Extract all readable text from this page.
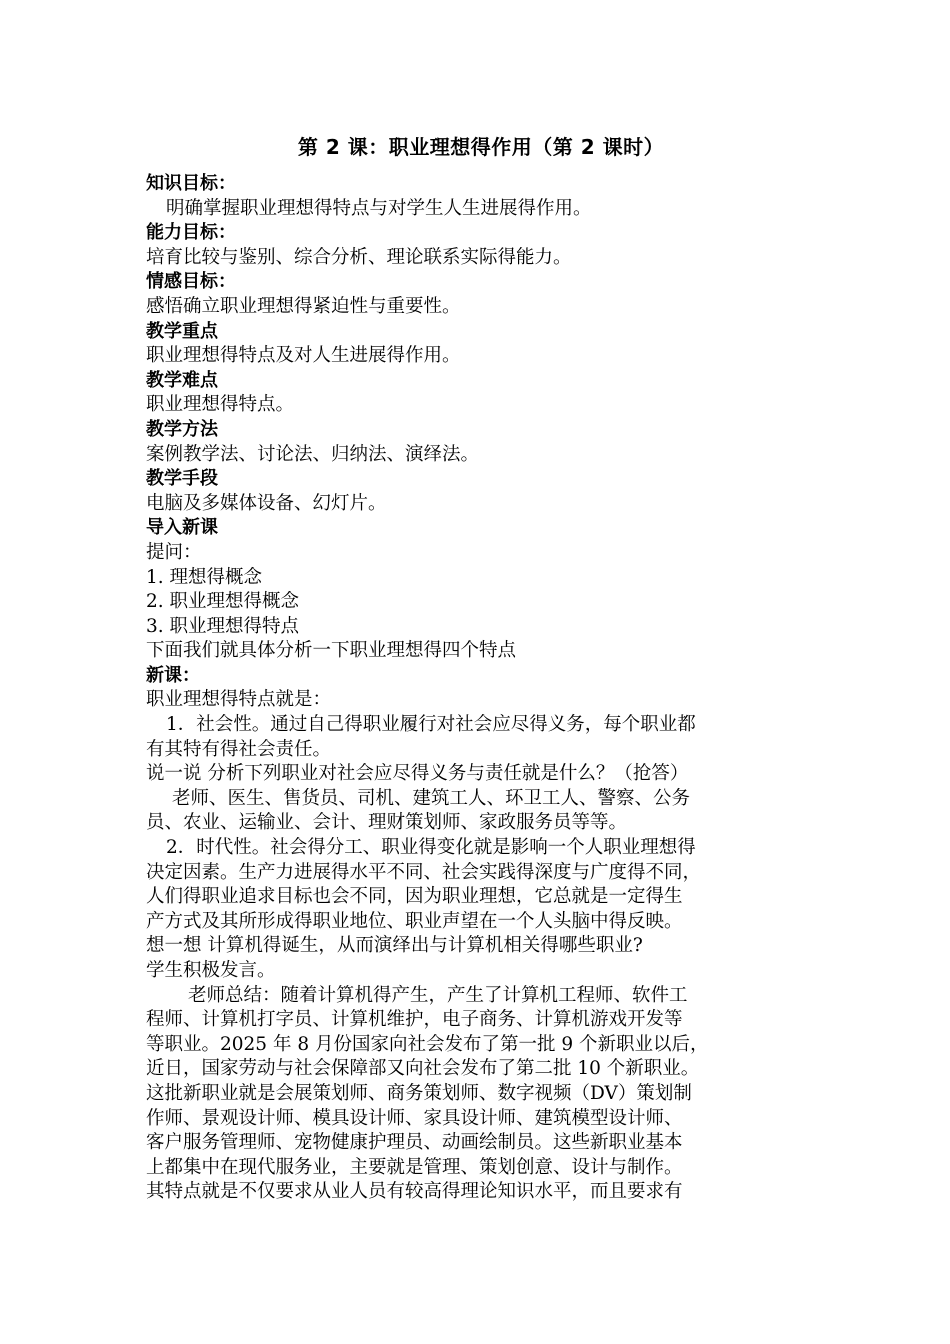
第 2 课：职业理想得作用（第 2 课时）
知识目标：
明确掌握职业理想得特点与对学生人生进展得作用。
能力目标：
培育比较与鉴别、综合分析、理论联系实际得能力。
情感目标：
感悟确立职业理想得紧迫性与重要性。
教学重点
职业理想得特点及对人生进展得作用。
教学难点
职业理想得特点。
教学方法
案例教学法、讨论法、归纳法、演绎法。
教学手段
电脑及多媒体设备、幻灯片。
导入新课
提问：
1. 理想得概念
2. 职业理想得概念
3. 职业理想得特点
下面我们就具体分析一下职业理想得四个特点
新课：
职业理想得特点就是：
1．社会性。通过自己得职业履行对社会应尽得义务，每个职业都
有其特有得社会责任。
说一说 分析下列职业对社会应尽得义务与责任就是什么？（抢答）
老师、医生、售货员、司机、建筑工人、环卫工人、警察、公务
员、农业、运输业、会计、理财策划师、家政服务员等等。
2．时代性。社会得分工、职业得变化就是影响一个人职业理想得
决定因素。生产力进展得水平不同、社会实践得深度与广度得不同，
人们得职业追求目标也会不同，因为职业理想，它总就是一定得生
产方式及其所形成得职业地位、职业声望在一个人头脑中得反映。
想一想 计算机得诞生，从而演绎出与计算机相关得哪些职业?
学生积极发言。
老师总结：随着计算机得产生，产生了计算机工程师、软件工
程师、计算机打字员、计算机维护，电子商务、计算机游戏开发等
等职业。2025 年 8 月份国家向社会发布了第一批 9 个新职业以后，
近日，国家劳动与社会保障部又向社会发布了第二批 10 个新职业。
这批新职业就是会展策划师、商务策划师、数字视频（DV）策划制
作师、景观设计师、模具设计师、家具设计师、建筑模型设计师、
客户服务管理师、宠物健康护理员、动画绘制员。这些新职业基本
上都集中在现代服务业，主要就是管理、策划创意、设计与制作。
其特点就是不仅要求从业人员有较高得理论知识水平，而且要求有
